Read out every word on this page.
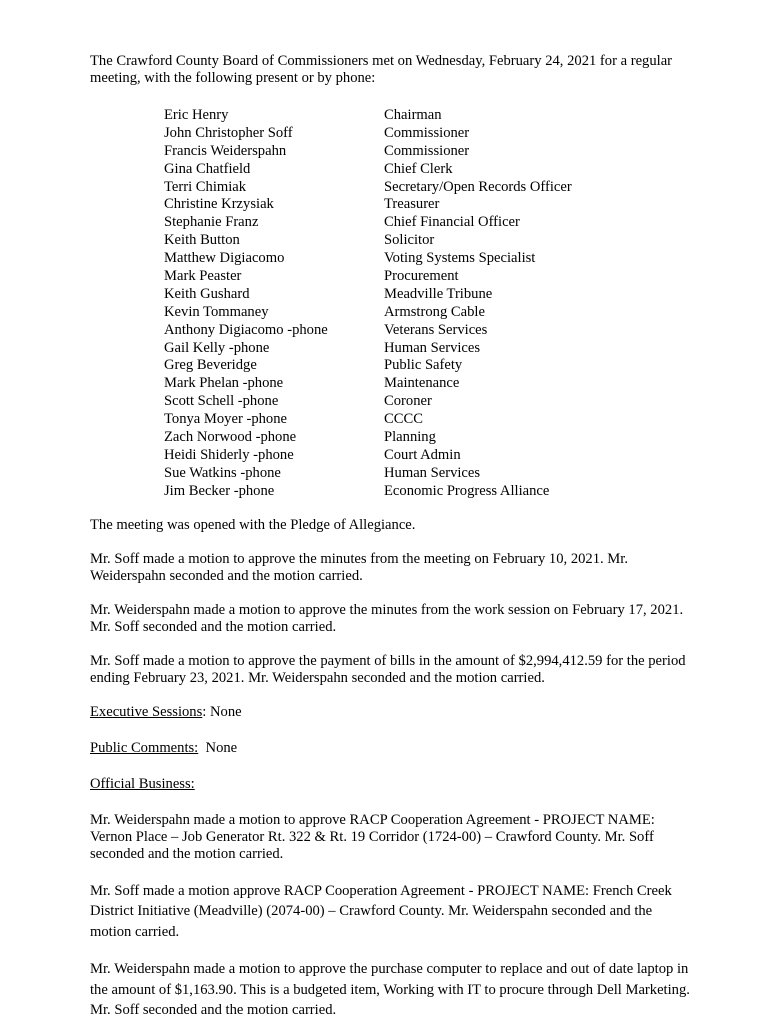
The Crawford County Board of Commissioners met on Wednesday, February 24, 2021 for a regular meeting, with the following present or by phone:

Eric Henry	Chairman
John Christopher Soff	Commissioner
Francis Weiderspahn	Commissioner
Gina Chatfield	Chief Clerk
Terri Chimiak	Secretary/Open Records Officer
Christine Krzysiak	Treasurer
Stephanie Franz	Chief Financial Officer
Keith Button	Solicitor
Matthew Digiacomo	Voting Systems Specialist
Mark Peaster	Procurement
Keith Gushard	Meadville Tribune
Kevin Tommaney	Armstrong Cable
Anthony Digiacomo -phone	Veterans Services
Gail Kelly -phone	Human Services
Greg Beveridge	Public Safety
Mark Phelan -phone	Maintenance
Scott Schell -phone	Coroner
Tonya Moyer -phone	CCCC
Zach Norwood -phone	Planning
Heidi Shiderly -phone	Court Admin
Sue Watkins -phone	Human Services
Jim Becker -phone	Economic Progress Alliance

The meeting was opened with the Pledge of Allegiance.

Mr. Soff made a motion to approve the minutes from the meeting on February 10, 2021. Mr. Weiderspahn seconded and the motion carried.

Mr. Weiderspahn made a motion to approve the minutes from the work session on February 17, 2021. Mr. Soff seconded and the motion carried.

Mr. Soff made a motion to approve the payment of bills in the amount of $2,994,412.59 for the period ending February 23, 2021. Mr. Weiderspahn seconded and the motion carried.

Executive Sessions: None

Public Comments:  None

Official Business:

Mr. Weiderspahn made a motion to approve RACP Cooperation Agreement - PROJECT NAME: Vernon Place – Job Generator Rt. 322 & Rt. 19 Corridor (1724-00) – Crawford County. Mr. Soff seconded and the motion carried.

Mr. Soff made a motion approve RACP Cooperation Agreement - PROJECT NAME: French Creek District Initiative (Meadville) (2074-00) – Crawford County. Mr. Weiderspahn seconded and the motion carried.

Mr. Weiderspahn made a motion to approve the purchase computer to replace and out of date laptop in the amount of $1,163.90. This is a budgeted item, Working with IT to procure through Dell Marketing. Mr. Soff seconded and the motion carried.
